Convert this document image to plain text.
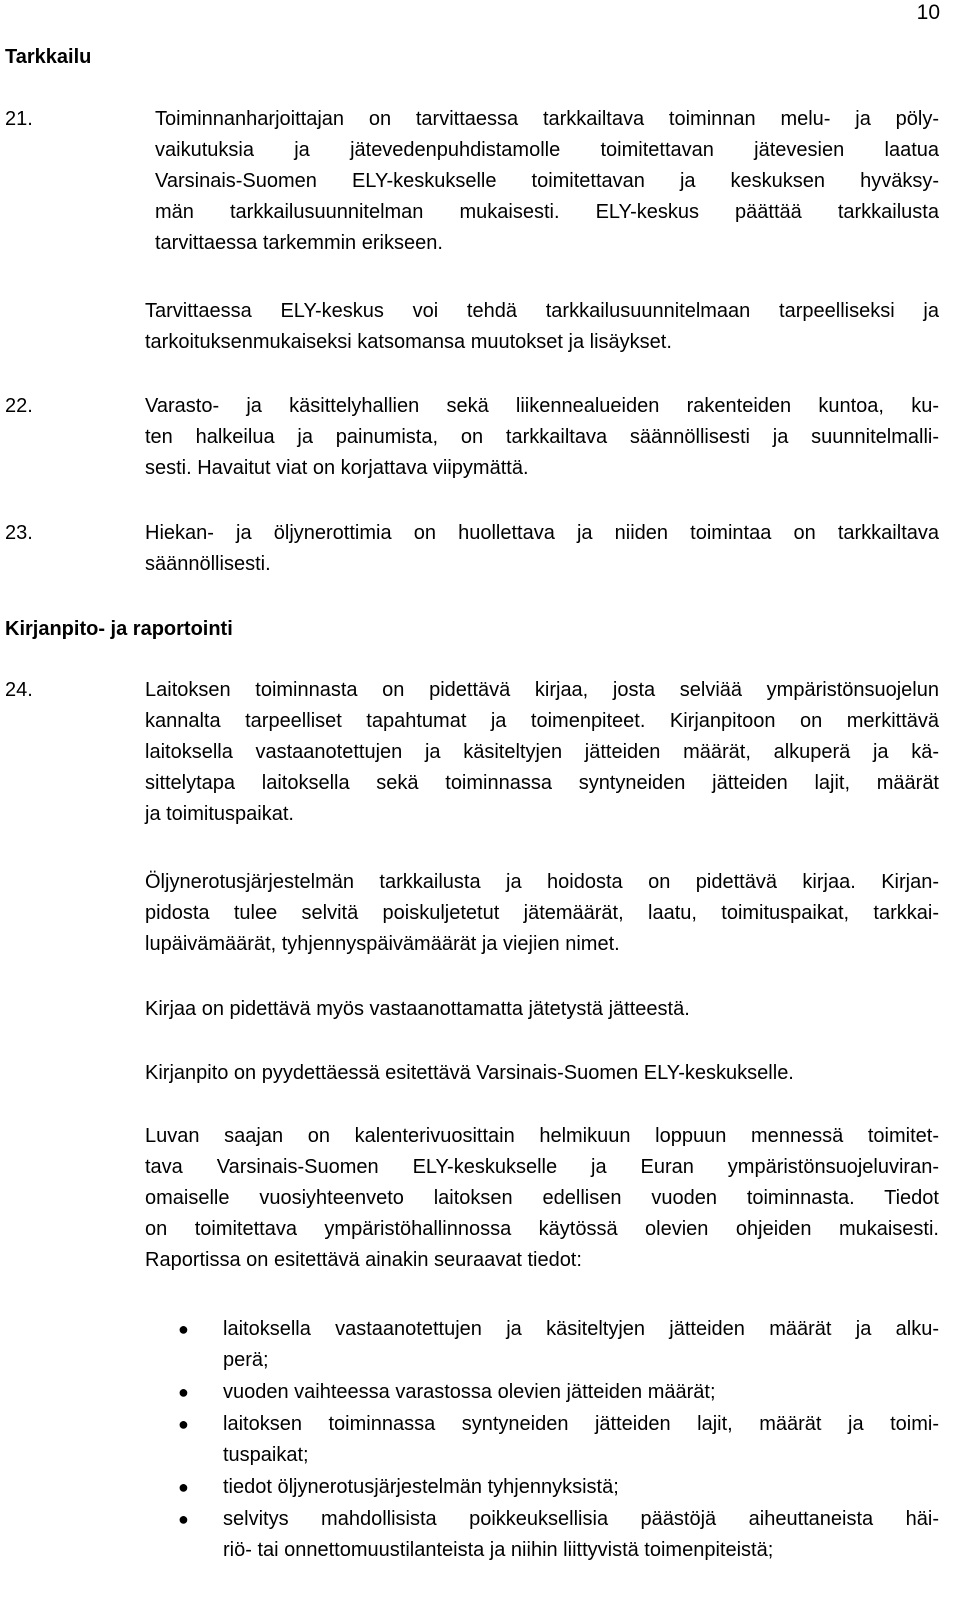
10
Tarkkailu
21.	Toiminnanharjoittajan on tarvittaessa tarkkailtava toiminnan melu- ja pöly-
vaikutuksia ja jätevedenpuhdistamolle toimitettavan jätevesien laatua
Varsinais-Suomen ELY-keskukselle toimitettavan ja keskuksen hyväksy-
män tarkkailusuunnitelman mukaisesti. ELY-keskus päättää tarkkailusta
tarvittaessa tarkemmin erikseen.
Tarvittaessa ELY-keskus voi tehdä tarkkailusuunnitelmaan tarpeelliseksi ja
tarkoituksenmukaiseksi katsomansa muutokset ja lisäykset.
22.	Varasto- ja käsittelyhallien sekä liikennealueiden rakenteiden kuntoa, ku-
ten halkeilua ja painumista, on tarkkailtava säännöllisesti ja suunnitelmalli-
sesti. Havaitut viat on korjattava viipymättä.
23.	Hiekan- ja öljynerottimia on huollettava ja niiden toimintaa on tarkkailtava
säännöllisesti.
Kirjanpito- ja raportointi
24.	Laitoksen toiminnasta on pidettävä kirjaa, josta selviää ympäristönsuojelun
kannalta tarpeelliset tapahtumat ja toimenpiteet. Kirjanpitoon on merkittävä
laitoksella vastaanotettujen ja käsiteltyjen jätteiden määrät, alkuperä ja kä-
sittelytapa laitoksella sekä toiminnassa syntyneiden jätteiden lajit, määrät
ja toimituspaikat.
Öljynerotusjärjestelmän tarkkailusta ja hoidosta on pidettävä kirjaa. Kirjan-
pidosta tulee selvitä poiskuljetetut jätemäärät, laatu, toimituspaikat, tarkkai-
lupäivämäärät, tyhjennyspäivämäärät ja viejien nimet.
Kirjaa on pidettävä myös vastaanottamatta jätetystä jätteestä.
Kirjanpito on pyydettäessä esitettävä Varsinais-Suomen ELY-keskukselle.
Luvan saajan on kalenterivuosittain helmikuun loppuun mennessä toimitet-
tava Varsinais-Suomen ELY-keskukselle ja Euran ympäristönsuojeluviran-
omaiselle vuosiyhteenveto laitoksen edellisen vuoden toiminnasta. Tiedot
on toimitettava ympäristöhallinnossa käytössä olevien ohjeiden mukaisesti.
Raportissa on esitettävä ainakin seuraavat tiedot:
● laitoksella vastaanotettujen ja käsiteltyjen jätteiden määrät ja alku-
perä;
● vuoden vaihteessa varastossa olevien jätteiden määrät;
● laitoksen toiminnassa syntyneiden jätteiden lajit, määrät ja toimi-
tuspaikat;
● tiedot öljynerotusjärjestelmän tyhjennyksistä;
● selvitys mahdollisista poikkeuksellisia päästöjä aiheuttaneista häi-
riö- tai onnettomuustilanteista ja niihin liittyvistä toimenpiteistä;
